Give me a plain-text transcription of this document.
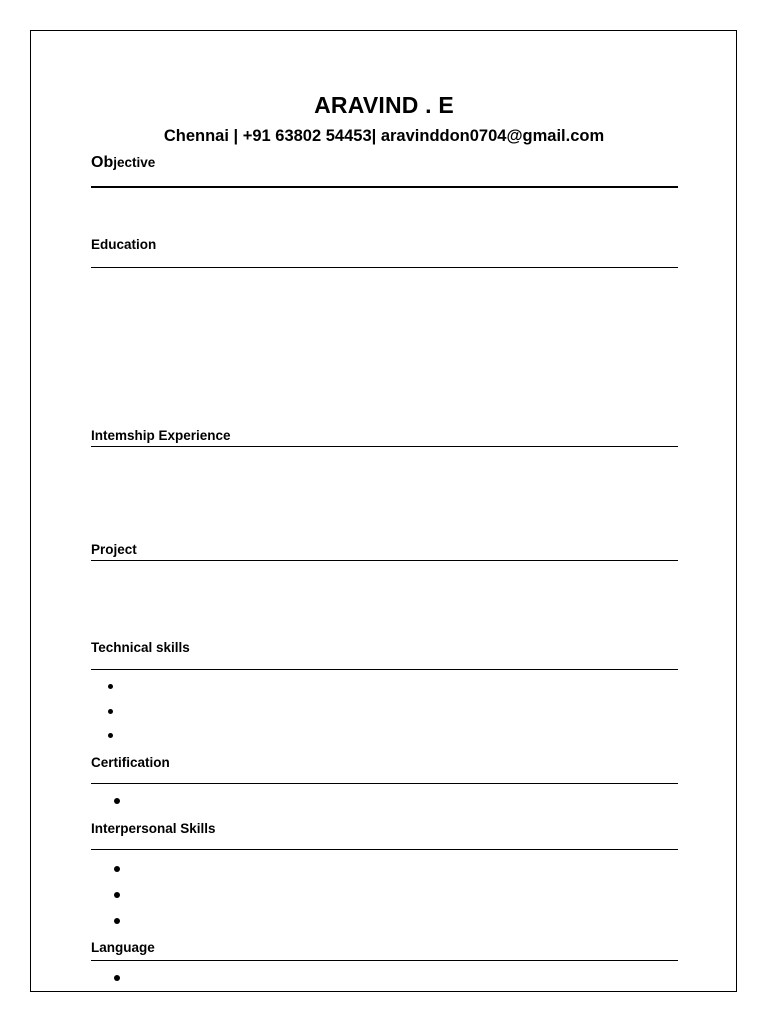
ARAVIND . E
Chennai | +91 63802 54453| aravinddon0704@gmail.com
Objective
Education
Intemship Experience
Project
Technical skills
Certification
Interpersonal Skills
Language
